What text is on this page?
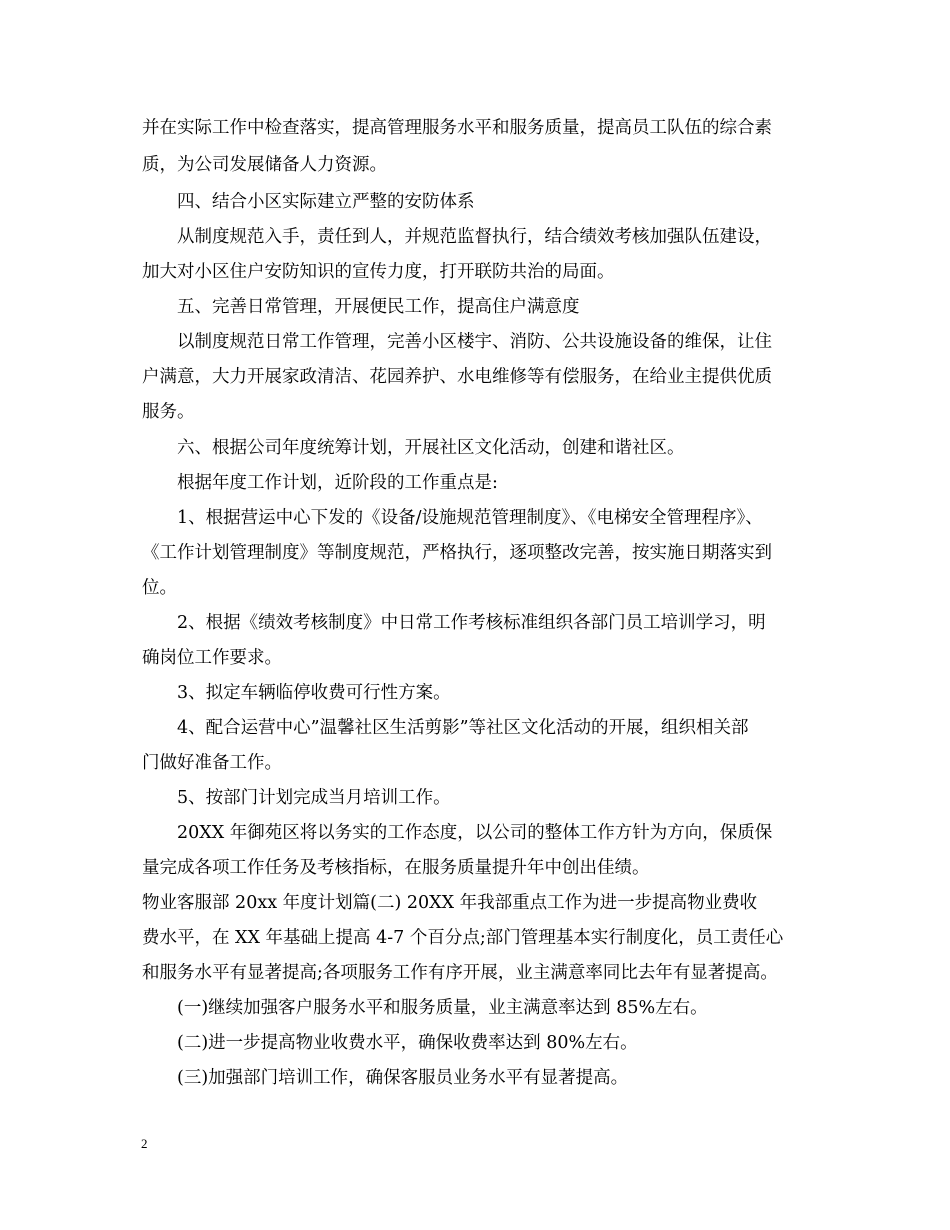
并在实际工作中检查落实，提高管理服务水平和服务质量，提高员工队伍的综合素
质，为公司发展储备人力资源。
四、结合小区实际建立严整的安防体系
从制度规范入手，责任到人，并规范监督执行，结合绩效考核加强队伍建设，
加大对小区住户安防知识的宣传力度，打开联防共治的局面。
五、完善日常管理，开展便民工作，提高住户满意度
以制度规范日常工作管理，完善小区楼宇、消防、公共设施设备的维保，让住
户满意，大力开展家政清洁、花园养护、水电维修等有偿服务，在给业主提供优质
服务。
六、根据公司年度统筹计划，开展社区文化活动，创建和谐社区。
根据年度工作计划，近阶段的工作重点是:
1、根据营运中心下发的《设备/设施规范管理制度》、《电梯安全管理程序》、
《工作计划管理制度》等制度规范，严格执行，逐项整改完善，按实施日期落实到
位。
2、根据《绩效考核制度》中日常工作考核标准组织各部门员工培训学习，明
确岗位工作要求。
3、拟定车辆临停收费可行性方案。
4、配合运营中心”温馨社区生活剪影”等社区文化活动的开展，组织相关部
门做好准备工作。
5、按部门计划完成当月培训工作。
20XX 年御苑区将以务实的工作态度，以公司的整体工作方针为方向，保质保
量完成各项工作任务及考核指标，在服务质量提升年中创出佳绩。
物业客服部 20xx 年度计划篇(二) 20XX 年我部重点工作为进一步提高物业费收
费水平，在 XX 年基础上提高 4-7 个百分点;部门管理基本实行制度化，员工责任心
和服务水平有显著提高;各项服务工作有序开展，业主满意率同比去年有显著提高。
(一)继续加强客户服务水平和服务质量，业主满意率达到 85%左右。
(二)进一步提高物业收费水平，确保收费率达到 80%左右。
(三)加强部门培训工作，确保客服员业务水平有显著提高。
2
